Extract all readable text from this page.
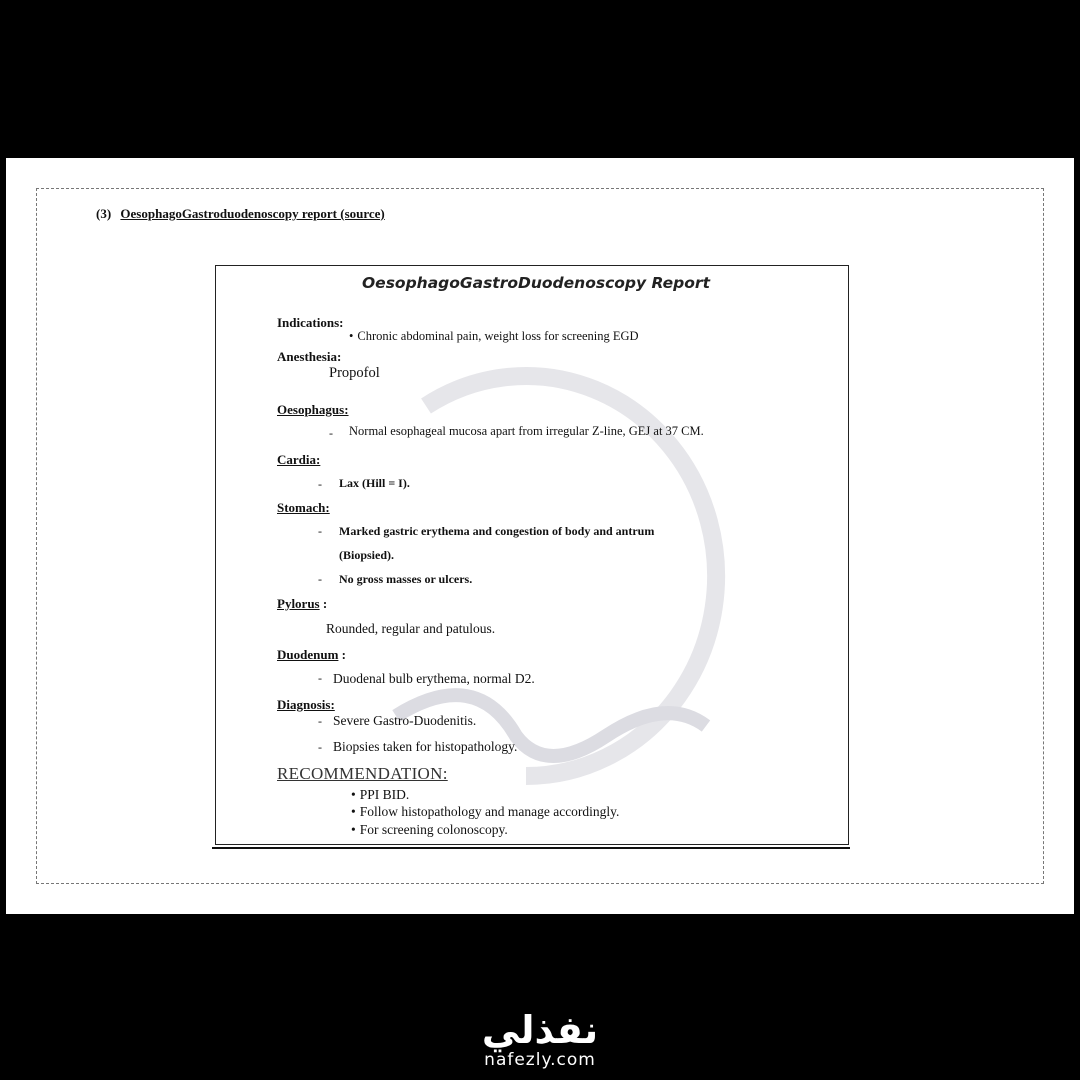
(3) OesophagoGastroduodenoscopy report (source)
OesophagoGastroDuodenoscopy Report
Indications:
• Chronic abdominal pain, weight loss for screening EGD
Anesthesia:
Propofol
Oesophagus:
- Normal esophageal mucosa apart from irregular Z-line, GEJ at 37 CM.
Cardia:
- Lax (Hill = I).
Stomach:
- Marked gastric erythema and congestion of body and antrum
(Biopsied).
- No gross masses or ulcers.
Pylorus :
Rounded, regular and patulous.
Duodenum :
- Duodenal bulb erythema, normal D2.
Diagnosis:
- Severe Gastro-Duodenitis.
- Biopsies taken for histopathology.
RECOMMENDATION:
• PPI BID.
• Follow histopathology and manage accordingly.
• For screening colonoscopy.
نفذلي
nafezly.com
